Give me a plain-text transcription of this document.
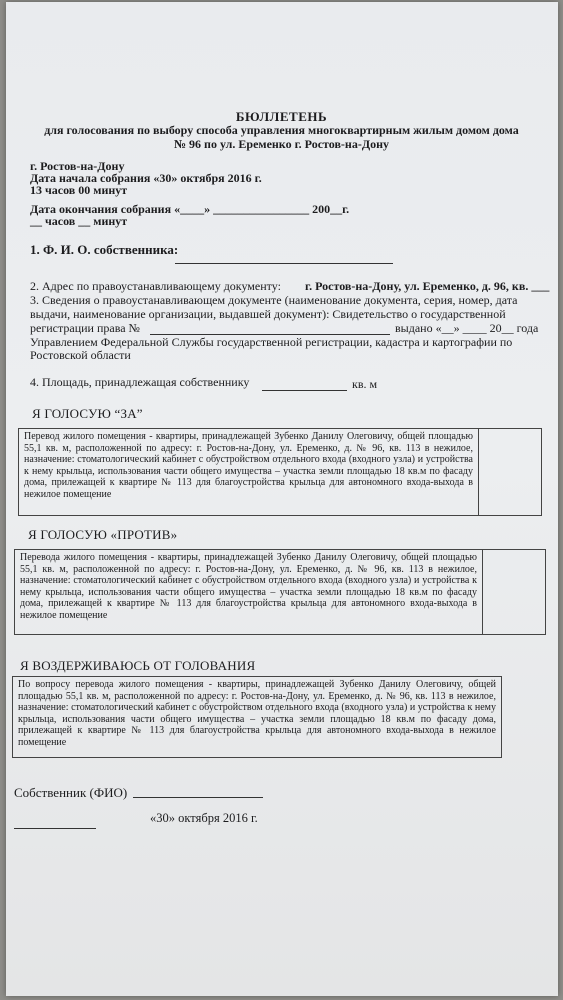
БЮЛЛЕТЕНЬ
для голосования по выбору способа управления многоквартирным жилым домом дома
№ 96 по ул. Еременко г. Ростов-на-Дону
г. Ростов-на-Дону
Дата начала собрания «30» октября 2016 г.
13 часов 00 минут
Дата окончания собрания «____» ________________ 200__г.
__ часов __ минут
1. Ф. И. О. собственника:
2. Адрес по правоустанавливающему документу: г. Ростов-на-Дону, ул. Еременко, д. 96, кв. ___
3. Сведения о правоустанавливающем документе (наименование документа, серия, номер, дата
выдачи, наименование организации, выдавшей документ): Свидетельство о государственной
регистрации права №	выдано «__» ____ 20__ года
Управлением Федеральной Службы государственной регистрации, кадастра и картографии по
Ростовской области
4. Площадь, принадлежащая собственнику	кв. м
Я ГОЛОСУЮ “ЗА”
Перевод жилого помещения - квартиры, принадлежащей Зубенко Данилу Олеговичу, общей площадью 55,1 кв. м, расположенной по адресу: г. Ростов-на-Дону, ул. Еременко, д. № 96, кв. 113 в нежилое, назначение: стоматологический кабинет с обустройством отдельного входа (входного узла) и устройства к нему крыльца, использования части общего имущества – участка земли площадью 18 кв.м по фасаду дома, прилежащей к квартире № 113 для благоустройства крыльца для автономного входа-выхода в нежилое помещение
Я ГОЛОСУЮ «ПРОТИВ»
Перевода жилого помещения - квартиры, принадлежащей Зубенко Данилу Олеговичу, общей площадью 55,1 кв. м, расположенной по адресу: г. Ростов-на-Дону, ул. Еременко, д. № 96, кв. 113 в нежилое, назначение: стоматологический кабинет с обустройством отдельного входа (входного узла) и устройства к нему крыльца, использования части общего имущества – участка земли площадью 18 кв.м по фасаду дома, прилежащей к квартире № 113 для благоустройства крыльца для автономного входа-выхода в нежилое помещение
Я ВОЗДЕРЖИВАЮСЬ ОТ ГОЛОВАНИЯ
По вопросу перевода жилого помещения - квартиры, принадлежащей Зубенко Данилу Олеговичу, общей площадью 55,1 кв. м, расположенной по адресу: г. Ростов-на-Дону, ул. Еременко, д. № 96, кв. 113 в нежилое, назначение: стоматологический кабинет с обустройством отдельного входа (входного узла) и устройства к нему крыльца, использования части общего имущества – участка земли площадью 18 кв.м по фасаду дома, прилежащей к квартире № 113 для благоустройства крыльца для автономного входа-выхода в нежилое помещение
Собственник (ФИО)
«30» октября 2016 г.
